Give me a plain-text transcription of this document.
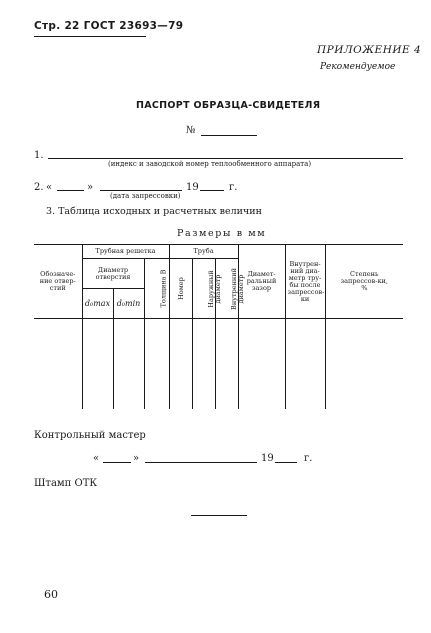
Стр. 22 ГОСТ 23693—79
ПРИЛОЖЕНИЕ 4
Рекомендуемое
ПАСПОРТ ОБРАЗЦА-СВИДЕТЕЛЯ
№
1.
(индекс и заводской номер теплообменного аппарата)
2. «	»	19	г.
(дата запрессовки)
3. Таблица исходных и расчетных величин
Размеры в мм
Обозначе-ние отвер-стий	Трубная решетка			Труба			Диамет-ральный зазор	Внутрен-ний диа-метр тру-бы после запрессов-ки	Степень запрессов-ки, %

	Диаметр отверстия		Толщина B	Номер	Наружный диаметр	Внутренний диаметр			
	d₀max	d₀min							

Контрольный мастер
«	»	19	г.
Штамп ОТК
60
